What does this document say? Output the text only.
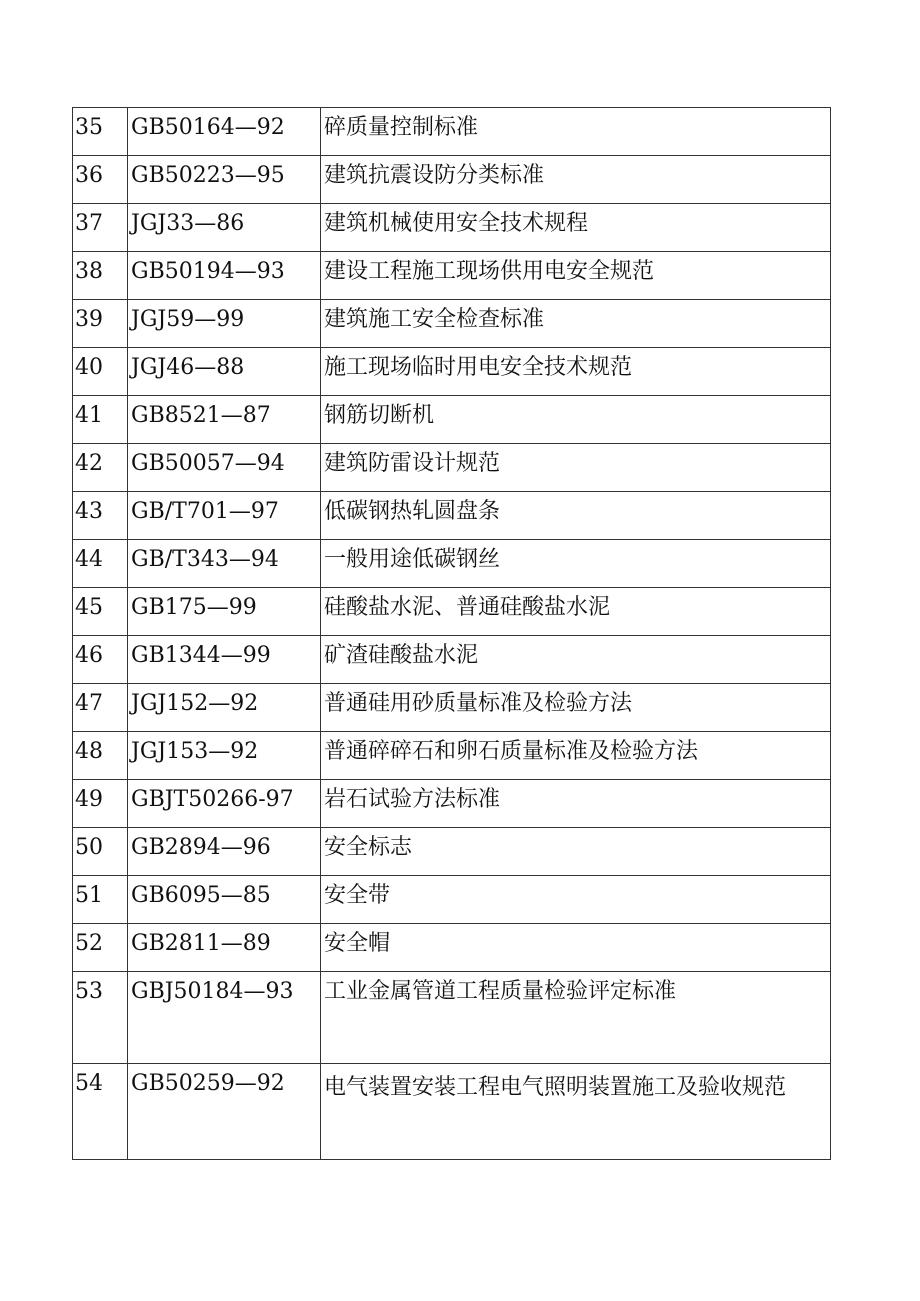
35	GB50164—92	碎质量控制标准
36	GB50223—95	建筑抗震设防分类标准
37	JGJ33—86	建筑机械使用安全技术规程
38	GB50194—93	建设工程施工现场供用电安全规范
39	JGJ59—99	建筑施工安全检查标准
40	JGJ46—88	施工现场临时用电安全技术规范
41	GB8521—87	钢筋切断机
42	GB50057—94	建筑防雷设计规范
43	GB/T701—97	低碳钢热轧圆盘条
44	GB/T343—94	一般用途低碳钢丝
45	GB175—99	硅酸盐水泥、普通硅酸盐水泥
46	GB1344—99	矿渣硅酸盐水泥
47	JGJ152—92	普通硅用砂质量标准及检验方法
48	JGJ153—92	普通碎碎石和卵石质量标准及检验方法
49	GBJT50266-97	岩石试验方法标准
50	GB2894—96	安全标志
51	GB6095—85	安全带
52	GB2811—89	安全帽
53	GBJ50184—93	工业金属管道工程质量检验评定标准
54	GB50259—92	电气装置安装工程电气照明装置施工及验收规范
